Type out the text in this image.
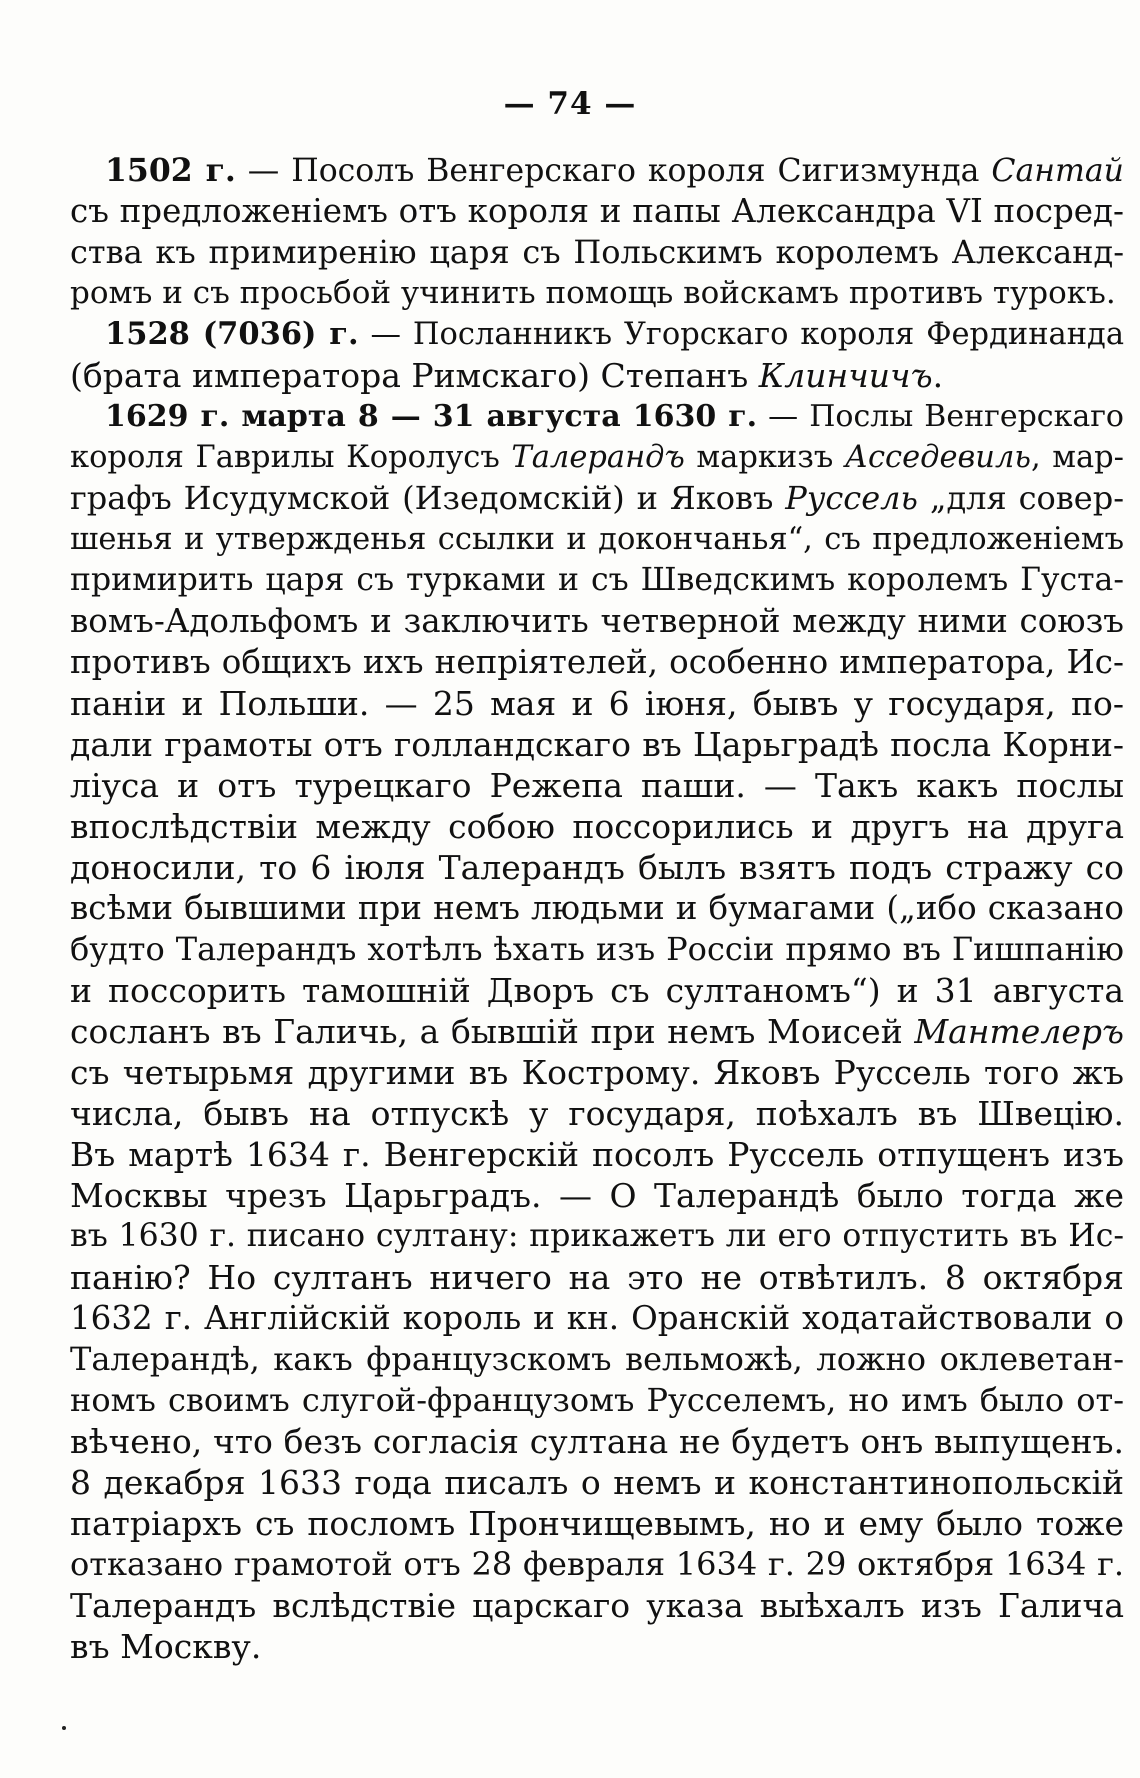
— 74 —
1502 г. — Посолъ Венгерскаго короля Сигизмунда Сантай
съ предложеніемъ отъ короля и папы Александра VI посред-
ства къ примиренію царя съ Польскимъ королемъ Александ-
ромъ и съ просьбой учинить помощь войскамъ противъ турокъ.
1528 (7036) г. — Посланникъ Угорскаго короля Фердинанда
(брата императора Римскаго) Степанъ Клинчичъ.
1629 г. марта 8 — 31 августа 1630 г. — Послы Венгерскаго
короля Гаврилы Королусъ Талерандъ маркизъ Асседевиль, мар-
графъ Исудумской (Изедомскій) и Яковъ Руссель „для совер-
шенья и утвержденья ссылки и докончанья“, съ предложеніемъ
примирить царя съ турками и съ Шведскимъ королемъ Густа-
вомъ-Адольфомъ и заключить четверной между ними союзъ
противъ общихъ ихъ непріятелей, особенно императора, Ис-
паніи и Польши. — 25 мая и 6 іюня, бывъ у государя, по-
дали грамоты отъ голландскаго въ Царьградѣ посла Корни-
ліуса и отъ турецкаго Режепа паши. — Такъ какъ послы
впослѣдствіи между собою поссорились и другъ на друга
доносили, то 6 іюля Талерандъ былъ взятъ подъ стражу со
всѣми бывшими при немъ людьми и бумагами („ибо сказано
будто Талерандъ хотѣлъ ѣхать изъ Россіи прямо въ Гишпанію
и поссорить тамошній Дворъ съ султаномъ“) и 31 августа
сосланъ въ Галичь, а бывшій при немъ Моисей Мантелеръ
съ четырьмя другими въ Кострому. Яковъ Руссель того жъ
числа, бывъ на отпускѣ у государя, поѣхалъ въ Швецію.
Въ мартѣ 1634 г. Венгерскій посолъ Руссель отпущенъ изъ
Москвы чрезъ Царьградъ. — О Талерандѣ было тогда же
въ 1630 г. писано султану: прикажетъ ли его отпустить въ Ис-
панію? Но султанъ ничего на это не отвѣтилъ. 8 октября
1632 г. Англійскій король и кн. Оранскій ходатайствовали о
Талерандѣ, какъ французскомъ вельможѣ, ложно оклеветан-
номъ своимъ слугой-французомъ Русселемъ, но имъ было от-
вѣчено, что безъ согласія султана не будетъ онъ выпущенъ.
8 декабря 1633 года писалъ о немъ и константинопольскій
патріархъ съ посломъ Прончищевымъ, но и ему было тоже
отказано грамотой отъ 28 февраля 1634 г. 29 октября 1634 г.
Талерандъ вслѣдствіе царскаго указа выѣхалъ изъ Галича
въ Москву.
